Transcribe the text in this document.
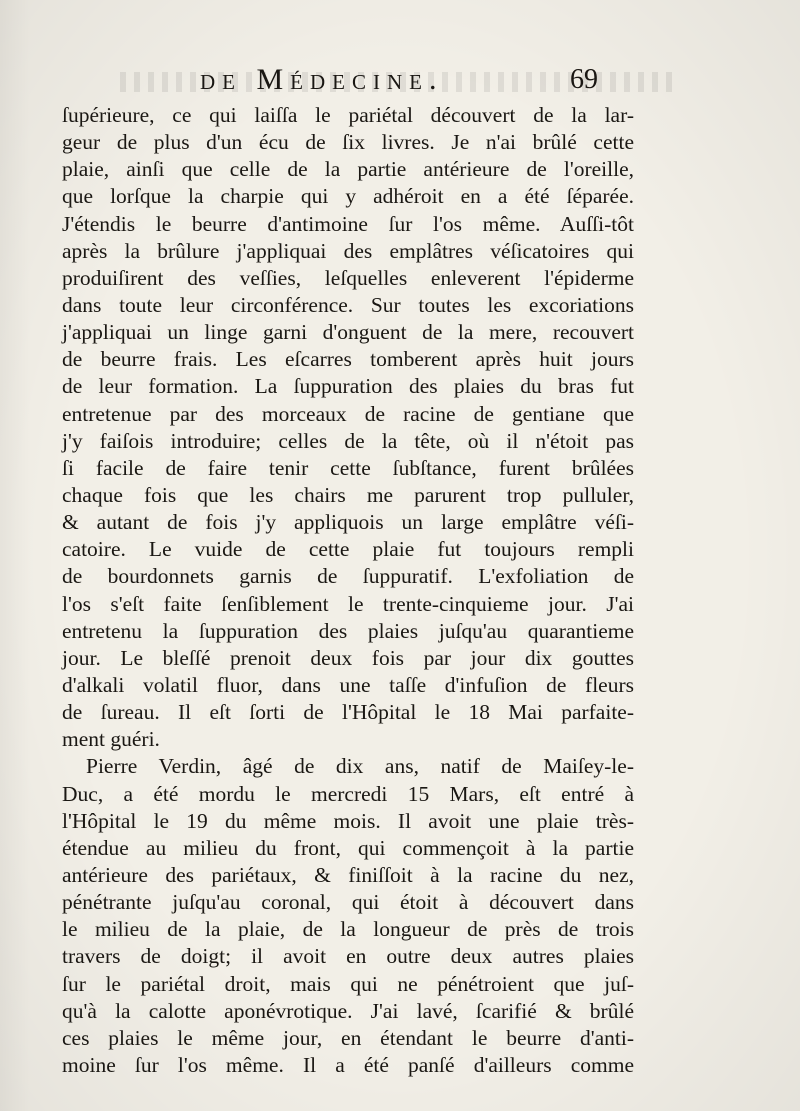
de Médecine.	69
ſupérieure, ce qui laiſſa le pariétal découvert de la lar-
geur de plus d'un écu de ſix livres. Je n'ai brûlé cette
plaie, ainſi que celle de la partie antérieure de l'oreille,
que lorſque la charpie qui y adhéroit en a été ſéparée.
J'étendis le beurre d'antimoine ſur l'os même. Auſſi-tôt
après la brûlure j'appliquai des emplâtres véſicatoires qui
produiſirent des veſſies, leſquelles enleverent l'épiderme
dans toute leur circonférence. Sur toutes les excoriations
j'appliquai un linge garni d'onguent de la mere, recouvert
de beurre frais. Les eſcarres tomberent après huit jours
de leur formation. La ſuppuration des plaies du bras fut
entretenue par des morceaux de racine de gentiane que
j'y faiſois introduire; celles de la tête, où il n'étoit pas
ſi facile de faire tenir cette ſubſtance, furent brûlées
chaque fois que les chairs me parurent trop pulluler,
& autant de fois j'y appliquois un large emplâtre véſi-
catoire. Le vuide de cette plaie fut toujours rempli
de bourdonnets garnis de ſuppuratif. L'exfoliation de
l'os s'eſt faite ſenſiblement le trente-cinquieme jour. J'ai
entretenu la ſuppuration des plaies juſqu'au quarantieme
jour. Le bleſſé prenoit deux fois par jour dix gouttes
d'alkali volatil fluor, dans une taſſe d'infuſion de fleurs
de ſureau. Il eſt ſorti de l'Hôpital le 18 Mai parfaite-
ment guéri.
Pierre Verdin, âgé de dix ans, natif de Maiſey-le-
Duc, a été mordu le mercredi 15 Mars, eſt entré à
l'Hôpital le 19 du même mois. Il avoit une plaie très-
étendue au milieu du front, qui commençoit à la partie
antérieure des pariétaux, & finiſſoit à la racine du nez,
pénétrante juſqu'au coronal, qui étoit à découvert dans
le milieu de la plaie, de la longueur de près de trois
travers de doigt; il avoit en outre deux autres plaies
ſur le pariétal droit, mais qui ne pénétroient que juſ-
qu'à la calotte aponévrotique. J'ai lavé, ſcarifié & brûlé
ces plaies le même jour, en étendant le beurre d'anti-
moine ſur l'os même. Il a été panſé d'ailleurs comme
